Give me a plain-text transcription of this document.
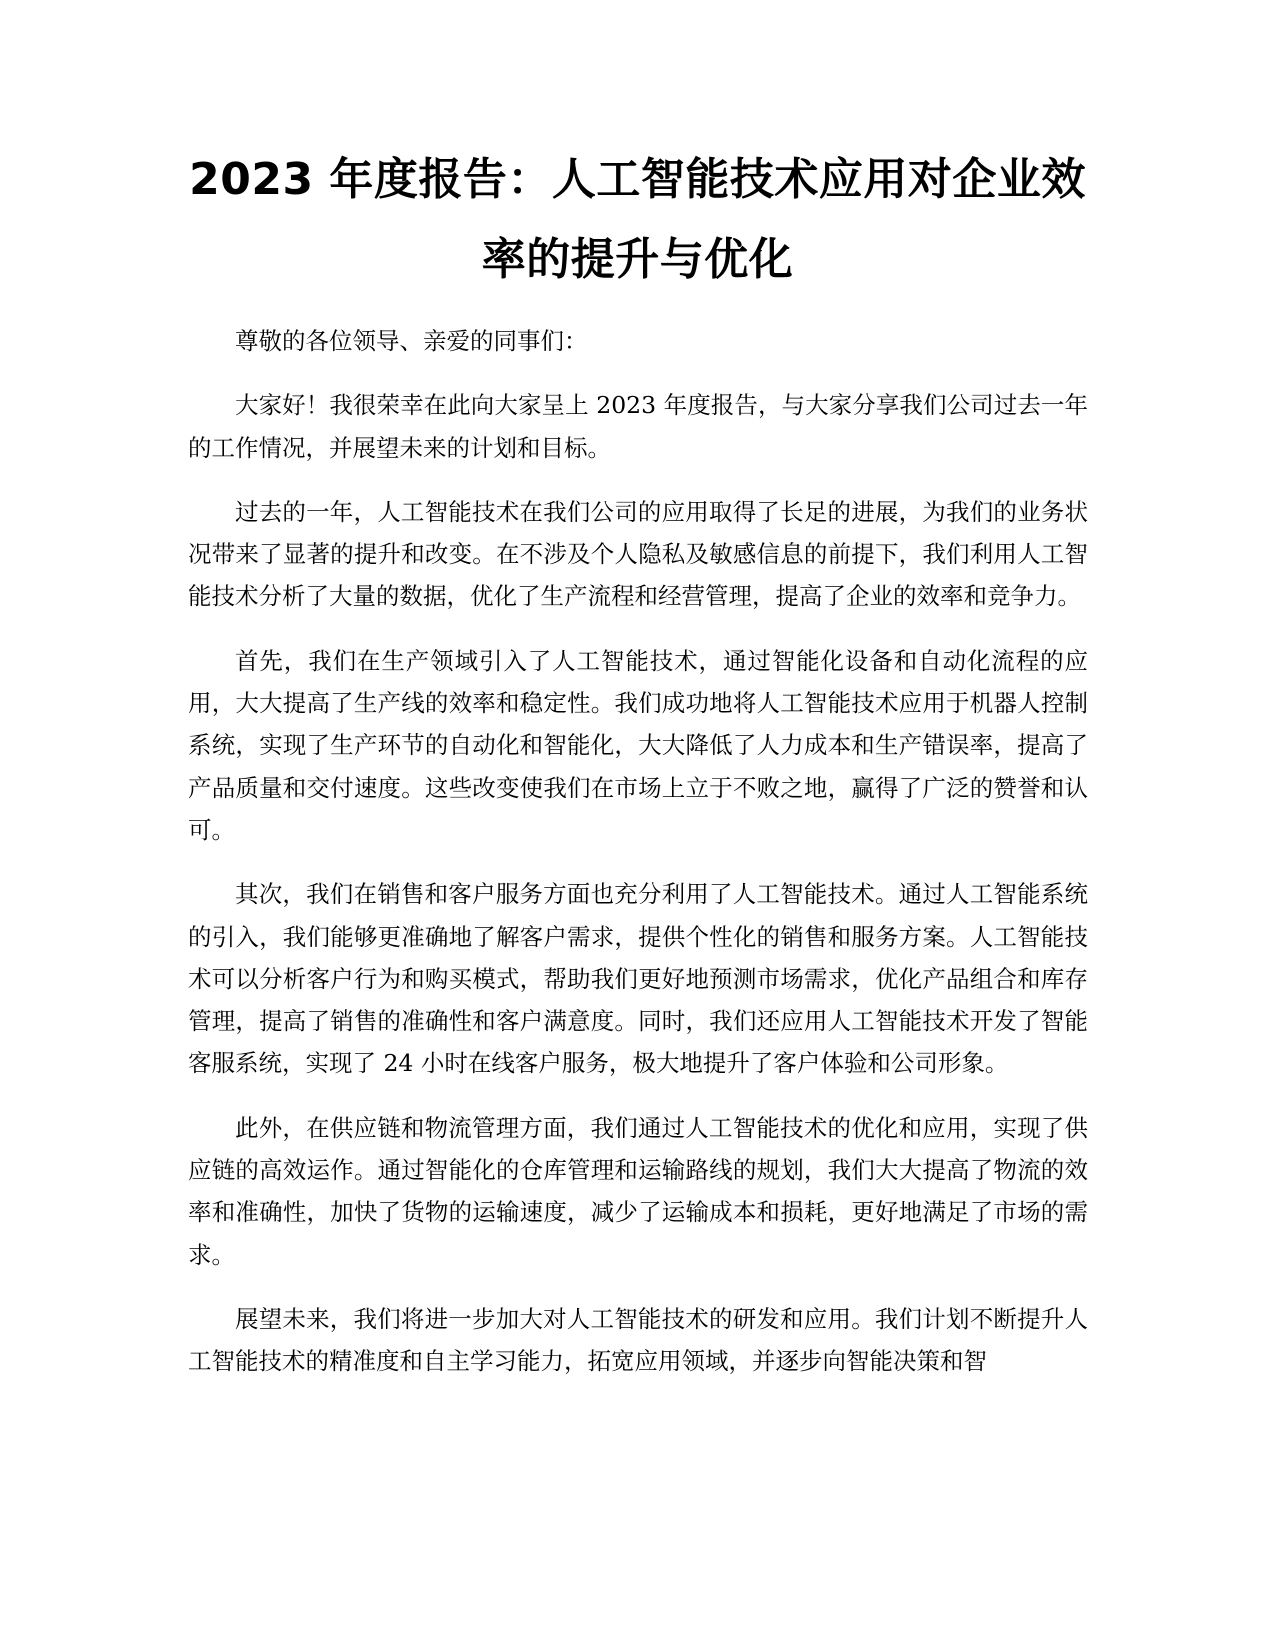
2023 年度报告：人工智能技术应用对企业效率的提升与优化

尊敬的各位领导、亲爱的同事们：

大家好！我很荣幸在此向大家呈上 2023 年度报告，与大家分享我们公司过去一年的工作情况，并展望未来的计划和目标。

过去的一年，人工智能技术在我们公司的应用取得了长足的进展，为我们的业务状况带来了显著的提升和改变。在不涉及个人隐私及敏感信息的前提下，我们利用人工智能技术分析了大量的数据，优化了生产流程和经营管理，提高了企业的效率和竞争力。

首先，我们在生产领域引入了人工智能技术，通过智能化设备和自动化流程的应用，大大提高了生产线的效率和稳定性。我们成功地将人工智能技术应用于机器人控制系统，实现了生产环节的自动化和智能化，大大降低了人力成本和生产错误率，提高了产品质量和交付速度。这些改变使我们在市场上立于不败之地，赢得了广泛的赞誉和认可。

其次，我们在销售和客户服务方面也充分利用了人工智能技术。通过人工智能系统的引入，我们能够更准确地了解客户需求，提供个性化的销售和服务方案。人工智能技术可以分析客户行为和购买模式，帮助我们更好地预测市场需求，优化产品组合和库存管理，提高了销售的准确性和客户满意度。同时，我们还应用人工智能技术开发了智能客服系统，实现了 24 小时在线客户服务，极大地提升了客户体验和公司形象。

此外，在供应链和物流管理方面，我们通过人工智能技术的优化和应用，实现了供应链的高效运作。通过智能化的仓库管理和运输路线的规划，我们大大提高了物流的效率和准确性，加快了货物的运输速度，减少了运输成本和损耗，更好地满足了市场的需求。

展望未来，我们将进一步加大对人工智能技术的研发和应用。我们计划不断提升人工智能技术的精准度和自主学习能力，拓宽应用领域，并逐步向智能决策和智
